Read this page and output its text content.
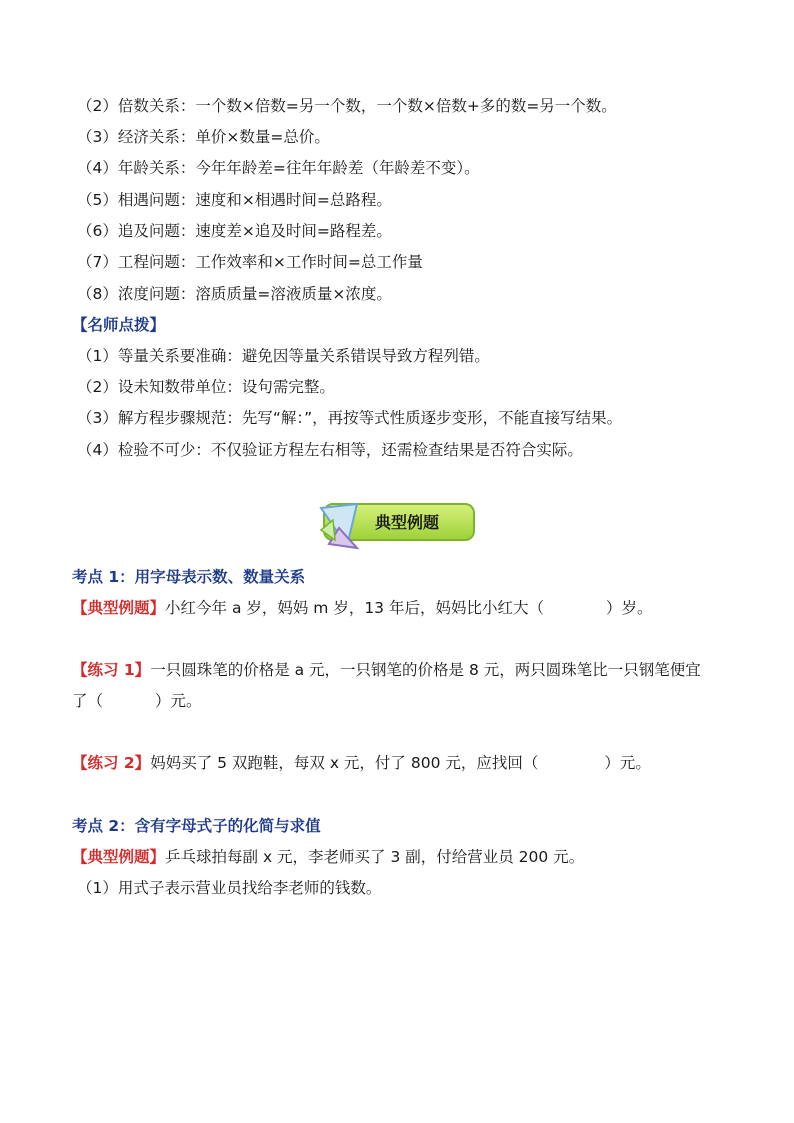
（2）倍数关系：一个数×倍数=另一个数，一个数×倍数+多的数=另一个数。
（3）经济关系：单价×数量=总价。
（4）年龄关系：今年年龄差=往年年龄差（年龄差不变）。
（5）相遇问题：速度和×相遇时间=总路程。
（6）追及问题：速度差×追及时间=路程差。
（7）工程问题：工作效率和×工作时间=总工作量
（8）浓度问题：溶质质量=溶液质量×浓度。
【名师点拨】
（1）等量关系要准确：避免因等量关系错误导致方程列错。
（2）设未知数带单位：设句需完整。
（3）解方程步骤规范：先写“解：”，再按等式性质逐步变形，不能直接写结果。
（4）检验不可少：不仅验证方程左右相等，还需检查结果是否符合实际。
典型例题
考点 1：用字母表示数、数量关系
【典型例题】小红今年 a 岁，妈妈 m 岁，13 年后，妈妈比小红大（	）岁。
【练习 1】一只圆珠笔的价格是 a 元，一只钢笔的价格是 8 元，两只圆珠笔比一只钢笔便宜
了（	）元。
【练习 2】妈妈买了 5 双跑鞋，每双 x 元，付了 800 元，应找回（	）元。
考点 2：含有字母式子的化简与求值
【典型例题】乒乓球拍每副 x 元，李老师买了 3 副，付给营业员 200 元。
（1）用式子表示营业员找给李老师的钱数。
